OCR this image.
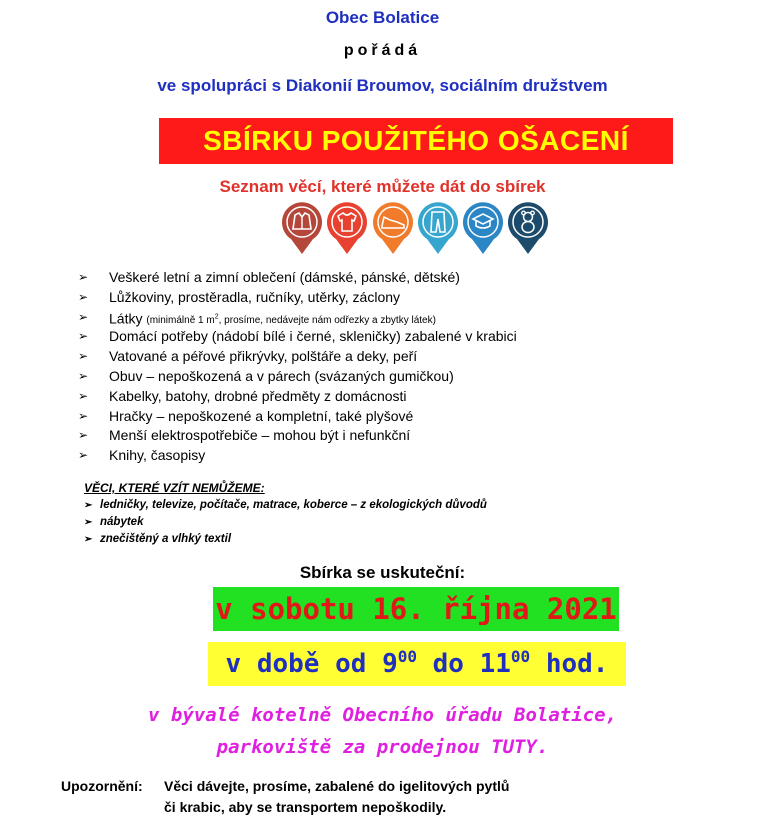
Obec Bolatice
pořádá
ve spolupráci s Diakonií Broumov, sociálním družstvem
SBÍRKU POUŽITÉHO OŠACENÍ
Seznam věcí, které můžete dát do sbírek
➢ Veškeré letní a zimní oblečení (dámské, pánské, dětské)
➢ Lůžkoviny, prostěradla, ručníky, utěrky, záclony
➢ Látky (minimálně 1 $m^2$, prosíme, nedávejte nám odřezky a zbytky látek)
➢ Domácí potřeby (nádobí bílé i černé, skleničky) zabalené v krabici
➢ Vatované a péřové přikrývky, polštáře a deky, peří
➢ Obuv – nepoškozená a v párech (svázaných gumičkou)
➢ Kabelky, batohy, drobné předměty z domácnosti
➢ Hračky – nepoškozené a kompletní, také plyšové
➢ Menší elektrospotřebiče – mohou být i nefunkční
➢ Knihy, časopisy
VĚCI, KTERÉ VZÍT NEMŮŽEME:
➢ ledničky, televize, počítače, matrace, koberce – z ekologických důvodů
➢ nábytek
➢ znečištěný a vlhký textil
Sbírka se uskuteční:
v sobotu 16. října 2021
v době od $9^{00}$ do $11^{00}$ hod.
v bývalé kotelně Obecního úřadu Bolatice,
parkoviště za prodejnou TUTY.
Upozornění: Věci dávejte, prosíme, zabalené do igelitových pytlů
či krabic, aby se transportem nepoškodily.
